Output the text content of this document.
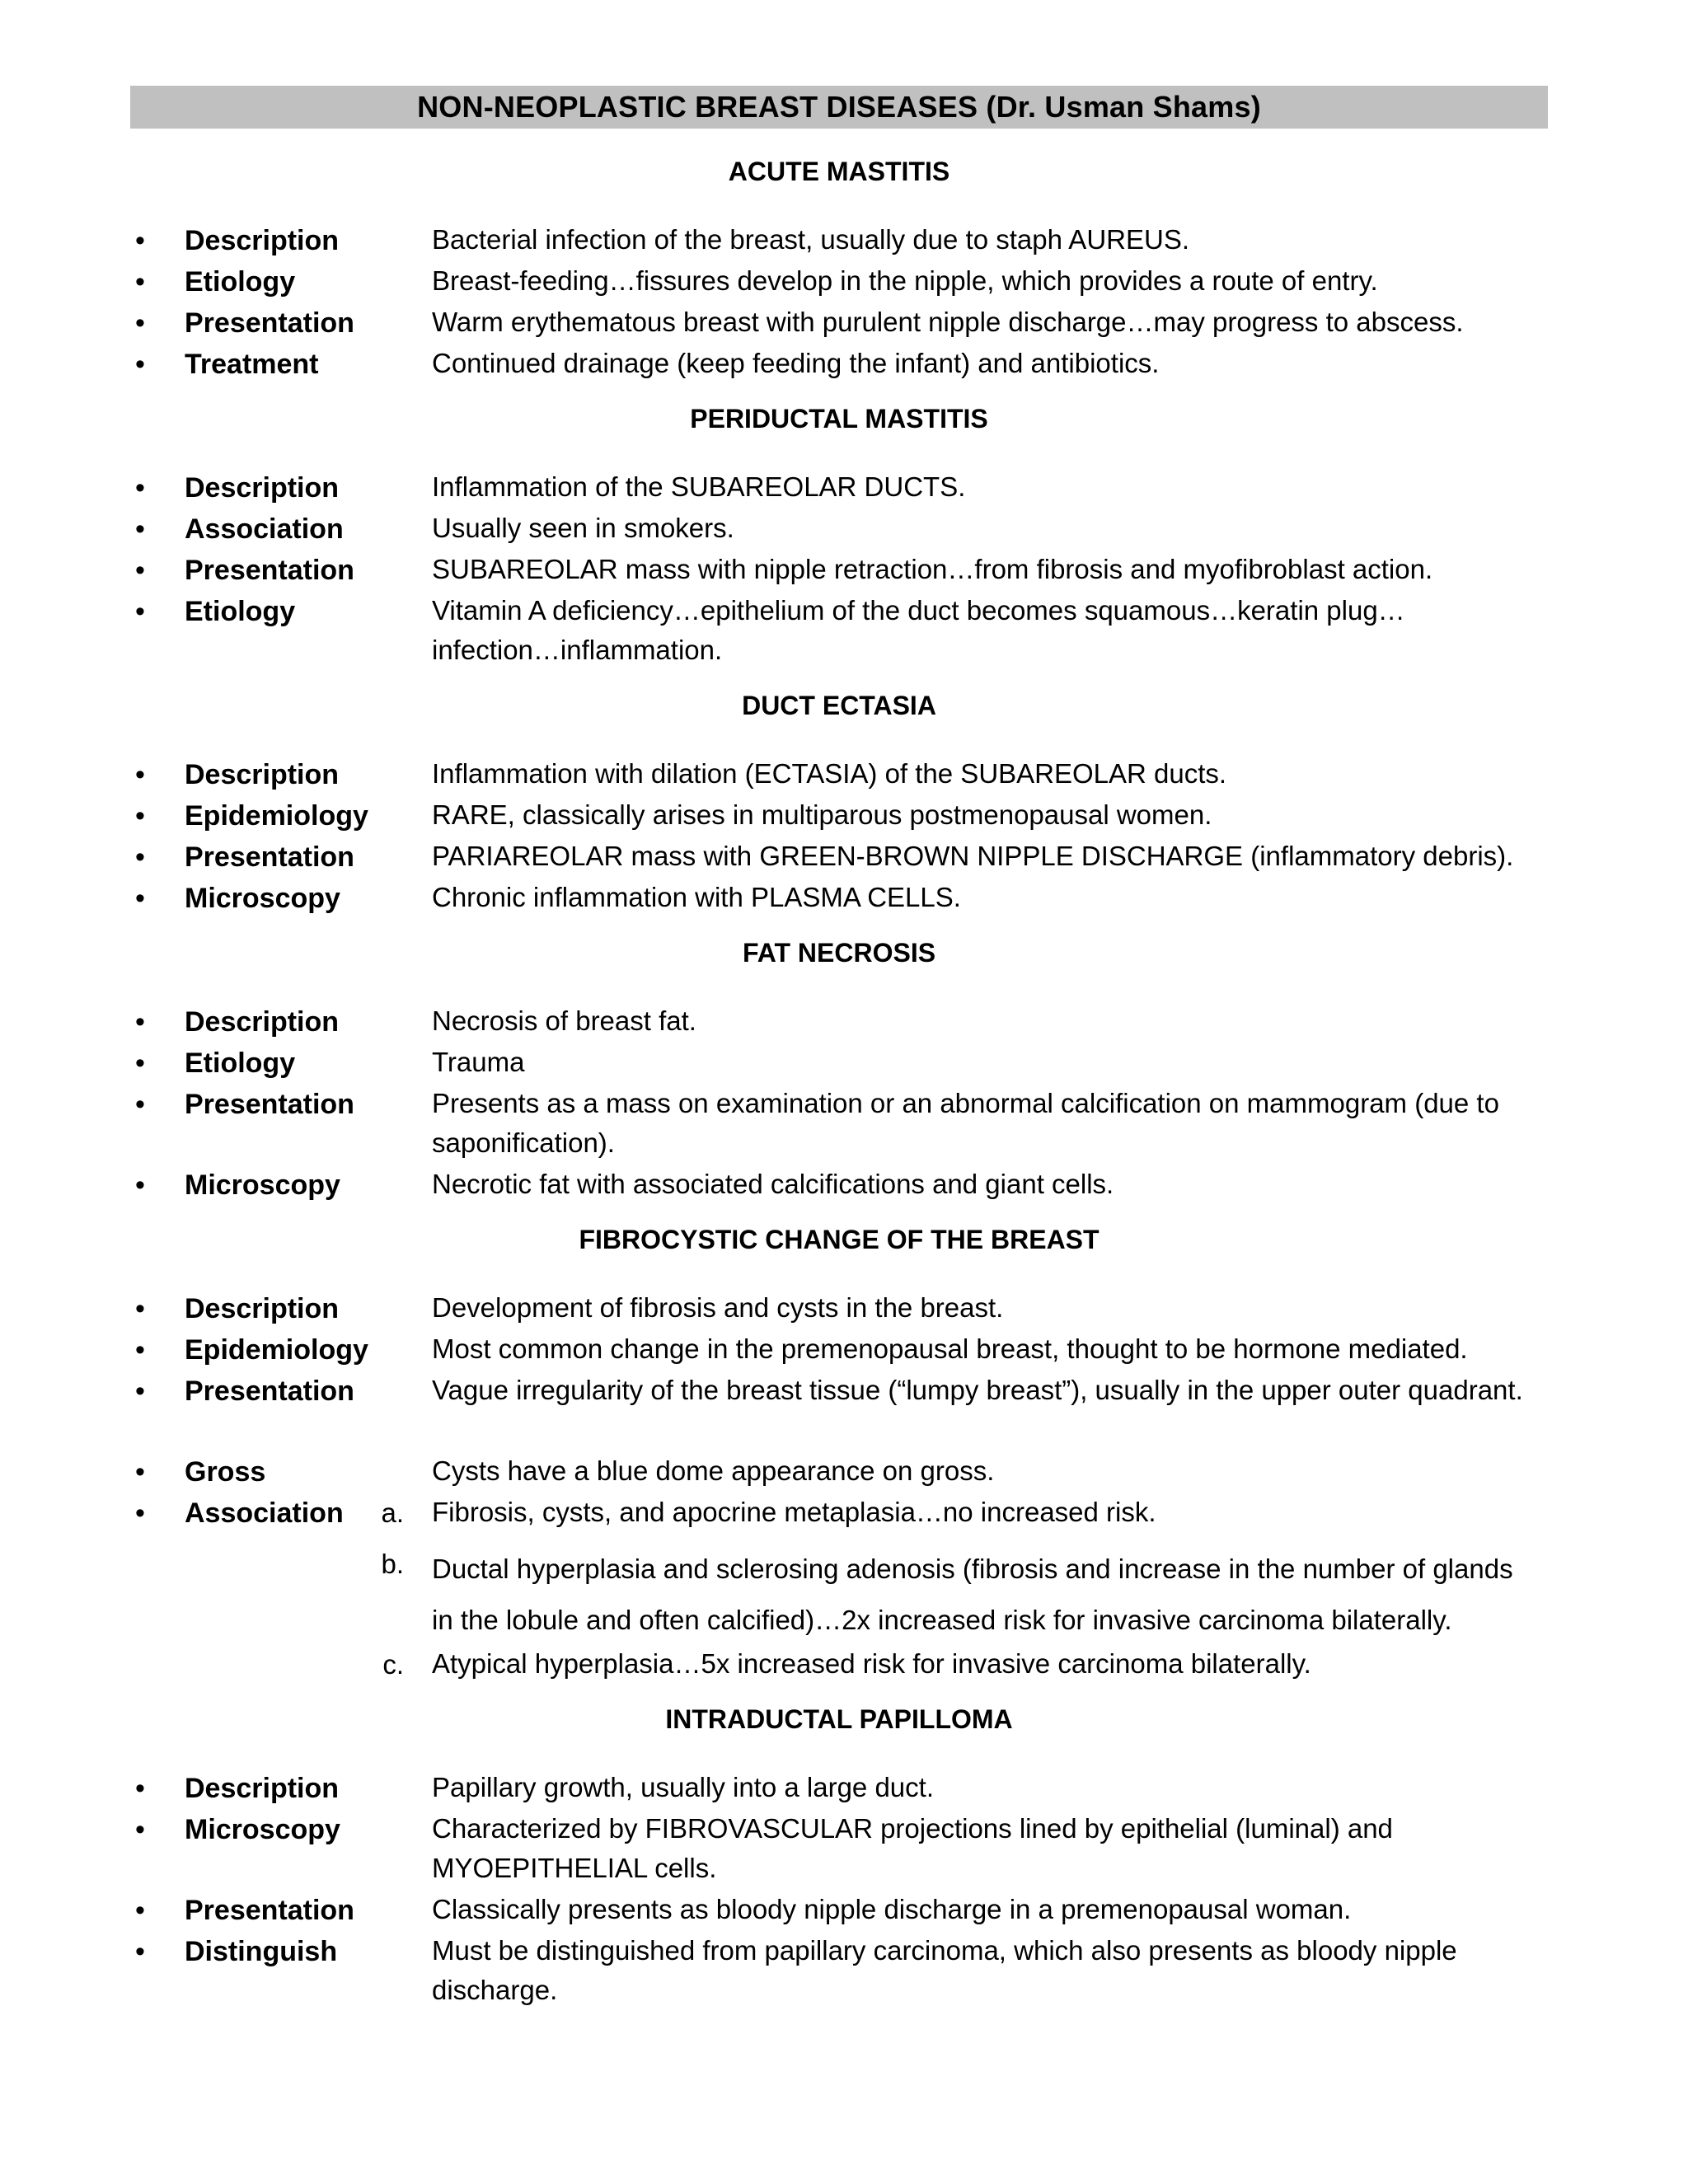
NON-NEOPLASTIC BREAST DISEASES (Dr. Usman Shams)
ACUTE MASTITIS
• Description	Bacterial infection of the breast, usually due to staph AUREUS.
• Etiology	Breast-feeding…fissures develop in the nipple, which provides a route of entry.
• Presentation	Warm erythematous breast with purulent nipple discharge…may progress to abscess.
• Treatment	Continued drainage (keep feeding the infant) and antibiotics.
PERIDUCTAL MASTITIS
• Description	Inflammation of the SUBAREOLAR DUCTS.
• Association	Usually seen in smokers.
• Presentation	SUBAREOLAR mass with nipple retraction…from fibrosis and myofibroblast action.
• Etiology	Vitamin A deficiency…epithelium of the duct becomes squamous…keratin plug… infection…inflammation.
DUCT ECTASIA
• Description	Inflammation with dilation (ECTASIA) of the SUBAREOLAR ducts.
• Epidemiology RARE, classically arises in multiparous postmenopausal women.
• Presentation	PARIAREOLAR mass with GREEN-BROWN NIPPLE DISCHARGE (inflammatory debris).
• Microscopy	Chronic inflammation with PLASMA CELLS.
FAT NECROSIS
• Description	Necrosis of breast fat.
• Etiology	Trauma
• Presentation	Presents as a mass on examination or an abnormal calcification on mammogram (due to saponification).
• Microscopy	Necrotic fat with associated calcifications and giant cells.
FIBROCYSTIC CHANGE OF THE BREAST
• Description	Development of fibrosis and cysts in the breast.
• Epidemiology Most common change in the premenopausal breast, thought to be hormone mediated.
• Presentation	Vague irregularity of the breast tissue (“lumpy breast”), usually in the upper outer quadrant.
• Gross	Cysts have a blue dome appearance on gross.
• Association	a. Fibrosis, cysts, and apocrine metaplasia…no increased risk.
b. Ductal hyperplasia and sclerosing adenosis (fibrosis and increase in the number of glands in the lobule and often calcified)…2x increased risk for invasive carcinoma bilaterally.
c. Atypical hyperplasia…5x increased risk for invasive carcinoma bilaterally.
INTRADUCTAL PAPILLOMA
• Description	Papillary growth, usually into a large duct.
• Microscopy	Characterized by FIBROVASCULAR projections lined by epithelial (luminal) and MYOEPITHELIAL cells.
• Presentation	Classically presents as bloody nipple discharge in a premenopausal woman.
• Distinguish	Must be distinguished from papillary carcinoma, which also presents as bloody nipple discharge.
